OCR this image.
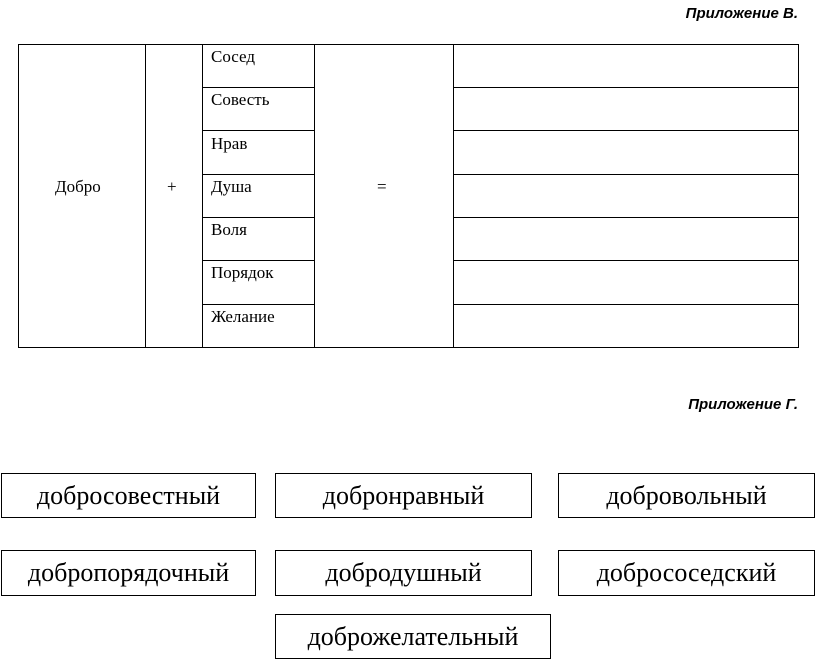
Приложение В.
Добро	+	=
Сосед
Совесть
Нрав
Душа
Воля
Порядок
Желание
Приложение Г.
добросовестный	добронравный	добровольный
добропорядочный	добродушный	добрососедский
доброжелательный
